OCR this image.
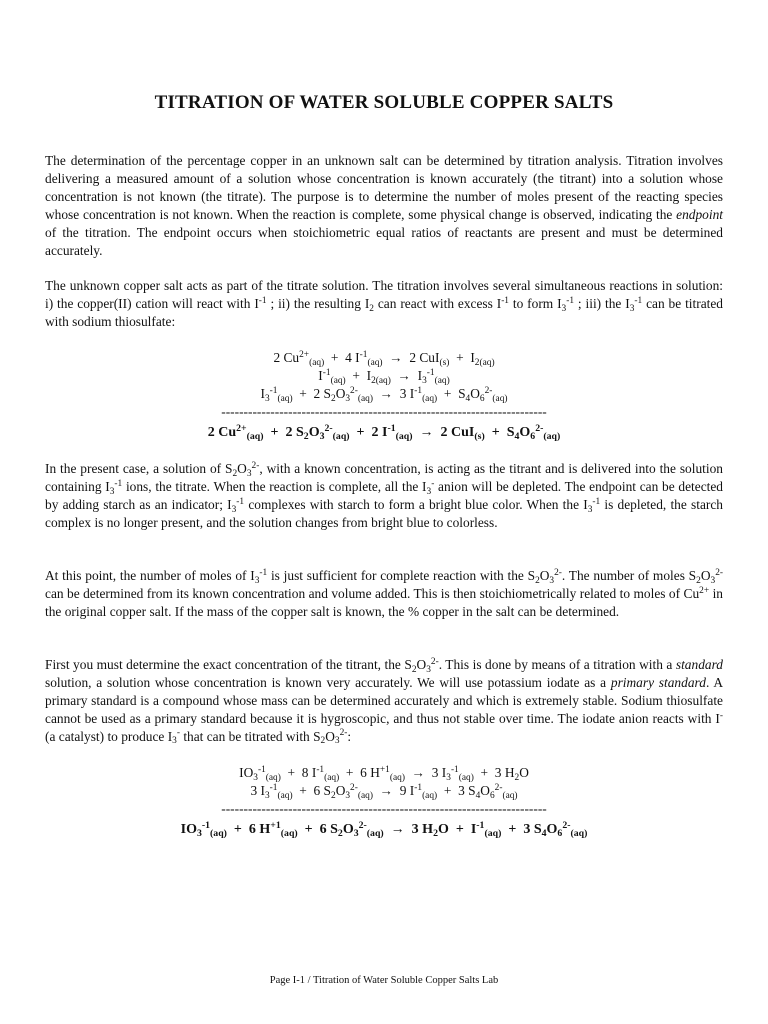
TITRATION OF WATER SOLUBLE COPPER SALTS
The determination of the percentage copper in an unknown salt can be determined by titration analysis. Titration involves delivering a measured amount of a solution whose concentration is known accurately (the titrant) into a solution whose concentration is not known (the titrate). The purpose is to determine the number of moles present of the reacting species whose concentration is not known. When the reaction is complete, some physical change is observed, indicating the endpoint of the titration. The endpoint occurs when stoichiometric equal ratios of reactants are present and must be determined accurately.
The unknown copper salt acts as part of the titrate solution. The titration involves several simultaneous reactions in solution: i) the copper(II) cation will react with $I^{-1}$ ; ii) the resulting $I_2$ can react with excess $I^{-1}$ to form $I_3^{-1}$ ; iii) the $I_3^{-1}$ can be titrated with sodium thiosulfate:
2 $Cu^{2+}_{(aq)} + 4$ $I^{-1}_{(aq)} \to 2$ $CuI_{(s)} + I_{2(aq)}$
$I^{-1}_{(aq)} + I_{2(aq)} \to I_3^{-1}_{(aq)}$
$I_3^{-1}_{(aq)} + 2$ $S_2O_3^{2-}_{(aq)} \to 3$ $I^{-1}_{(aq)} + S_4O_6^{2-}_{(aq)}$
-------------------------------------------------------------------------
2 $Cu^{2+}_{(aq)} + 2$ $S_2O_3^{2-}_{(aq)} + 2$ $I^{-1}_{(aq)} \to 2$ $CuI_{(s)} + S_4O_6^{2-}_{(aq)}$
In the present case, a solution of $S_2O_3^{2-}$, with a known concentration, is acting as the titrant and is delivered into the solution containing $I_3^{-1}$ ions, the titrate. When the reaction is complete, all the $I_3^-$ anion will be depleted. The endpoint can be detected by adding starch as an indicator; $I_3^{-1}$ complexes with starch to form a bright blue color. When the $I_3^{-1}$ is depleted, the starch complex is no longer present, and the solution changes from bright blue to colorless.
At this point, the number of moles of $I_3^{-1}$ is just sufficient for complete reaction with the $S_2O_3^{2-}$. The number of moles $S_2O_3^{2-}$ can be determined from its known concentration and volume added. This is then stoichiometrically related to moles of $Cu^{2+}$ in the original copper salt. If the mass of the copper salt is known, the % copper in the salt can be determined.
First you must determine the exact concentration of the titrant, the $S_2O_3^{2-}$. This is done by means of a titration with a standard solution, a solution whose concentration is known very accurately. We will use potassium iodate as a primary standard. A primary standard is a compound whose mass can be determined accurately and which is extremely stable. Sodium thiosulfate cannot be used as a primary standard because it is hygroscopic, and thus not stable over time. The iodate anion reacts with I- (a catalyst) to produce $I_3^-$ that can be titrated with $S_2O_3^{2-}$:
$IO_3^{-1}_{(aq)} + 8$ $I^{-1}_{(aq)} + 6$ $H^{+1}_{(aq)} \to 3$ $I_3^{-1}_{(aq)} + 3$ $H_2O$
3 $I_3^{-1}_{(aq)} + 6$ $S_2O_3^{2-}_{(aq)} \to 9$ $I^{-1}_{(aq)} + 3$ $S_4O_6^{2-}_{(aq)}$
-------------------------------------------------------------------------
$IO_3^{-1}_{(aq)} + 6$ $H^{+1}_{(aq)} + 6$ $S_2O_3^{2-}_{(aq)} \to 3$ $H_2O + I^{-1}_{(aq)} + 3$ $S_4O_6^{2-}_{(aq)}$
Page I-1 / Titration of Water Soluble Copper Salts Lab
